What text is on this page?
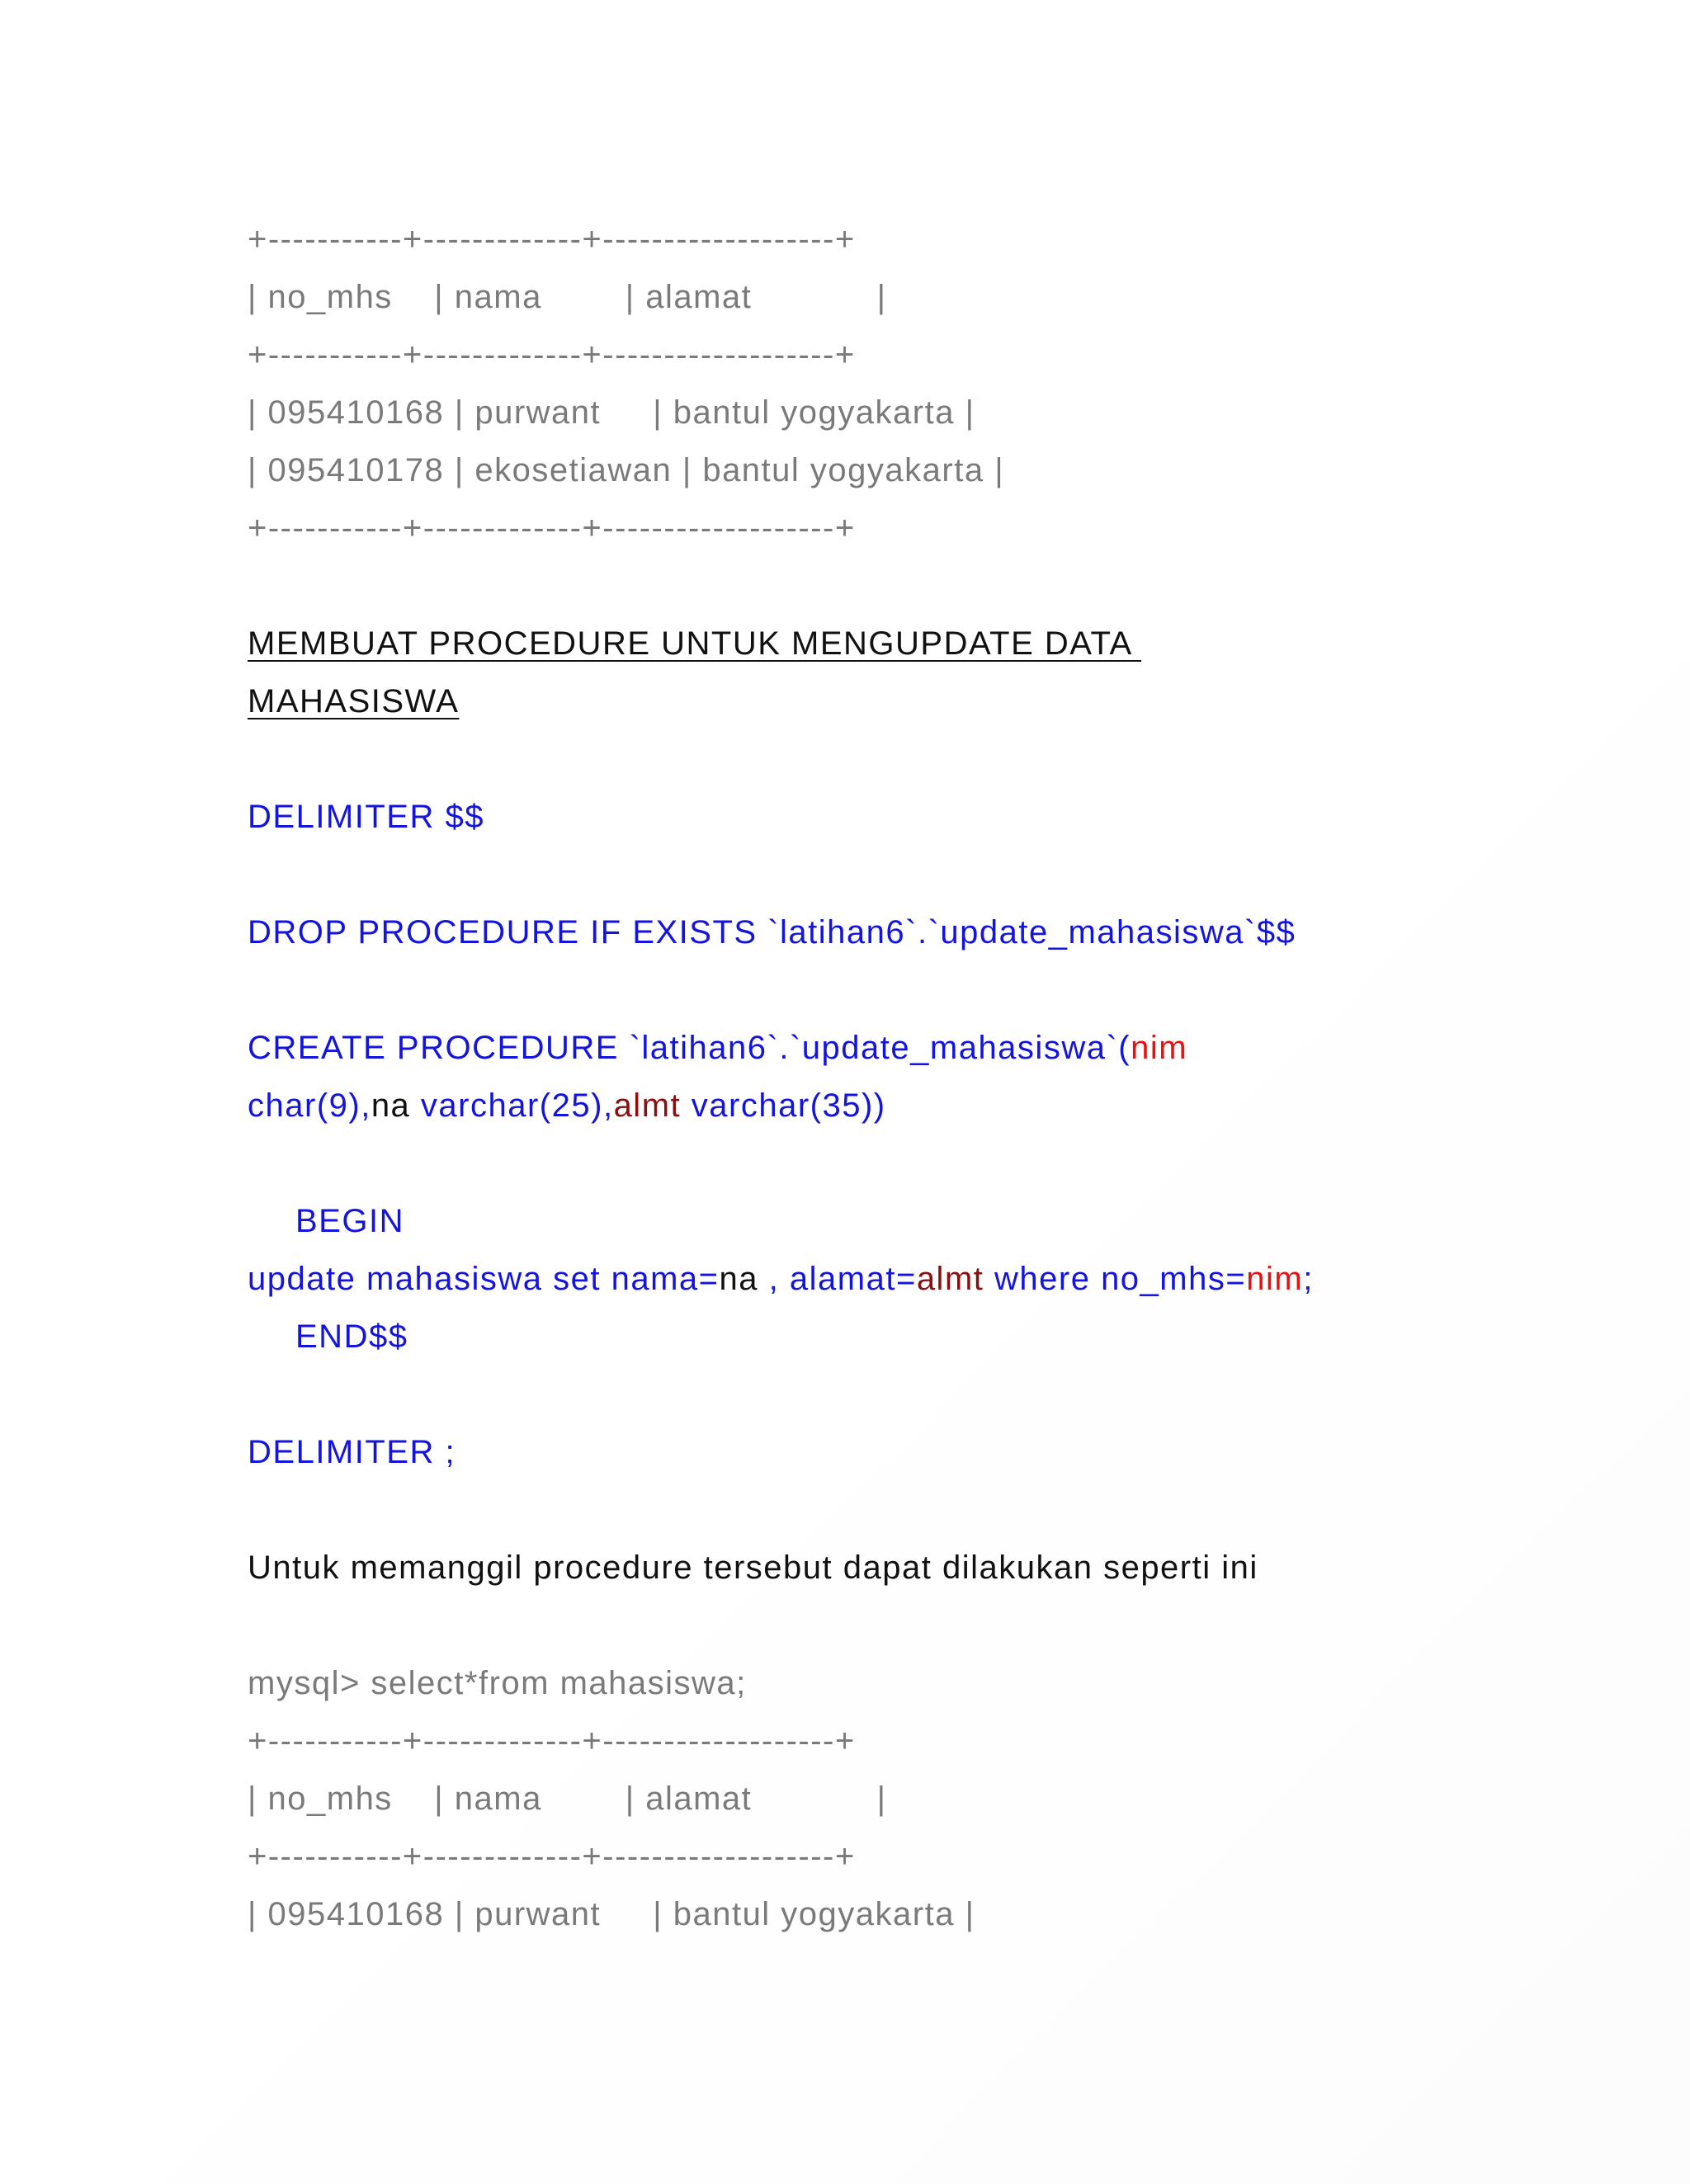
+-----------+-------------+-------------------+
| no_mhs    | nama        | alamat            |
+-----------+-------------+-------------------+
| 095410168 | purwant     | bantul yogyakarta |
| 095410178 | ekosetiawan | bantul yogyakarta |
+-----------+-------------+-------------------+
MEMBUAT PROCEDURE UNTUK MENGUPDATE DATA
MAHASISWA
DELIMITER $$
DROP PROCEDURE IF EXISTS `latihan6`.`update_mahasiswa`$$
CREATE PROCEDURE `latihan6`.`update_mahasiswa`(nim
char(9),na varchar(25),almt varchar(35))
BEGIN
update mahasiswa set nama=na , alamat=almt where no_mhs=nim;
END$$
DELIMITER ;
Untuk memanggil procedure tersebut dapat dilakukan seperti ini
mysql> select*from mahasiswa;
+-----------+-------------+-------------------+
| no_mhs    | nama        | alamat            |
+-----------+-------------+-------------------+
| 095410168 | purwant     | bantul yogyakarta |
